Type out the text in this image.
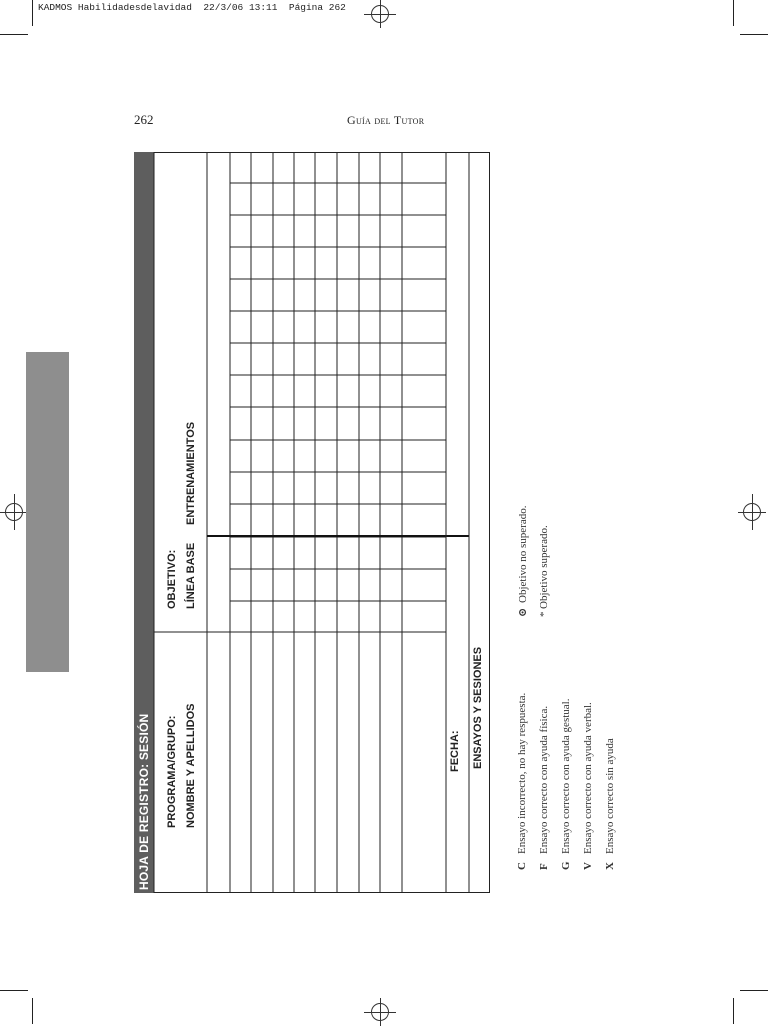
KADMOS Habilidadesdelavidad 22/3/06 13:11 Página 262
262	Guía del Tutor
HOJA DE REGISTRO: SESIÓN PROGRAMA/GRUPO: NOMBRE Y APELLIDOS
OBJETIVO: LÍNEA BASE
ENTRENAMIENTOS
FECHA: ENSAYOS Y SESIONES
CEnsayo incorrecto, no hay respuesta.
FEnsayo correcto con ayuda física.
GEnsayo correcto con ayuda gestual.
VEnsayo correcto con ayuda verbal.
XEnsayo correcto sin ayuda
⊙Objetivo no superado.
*Objetivo superado.
